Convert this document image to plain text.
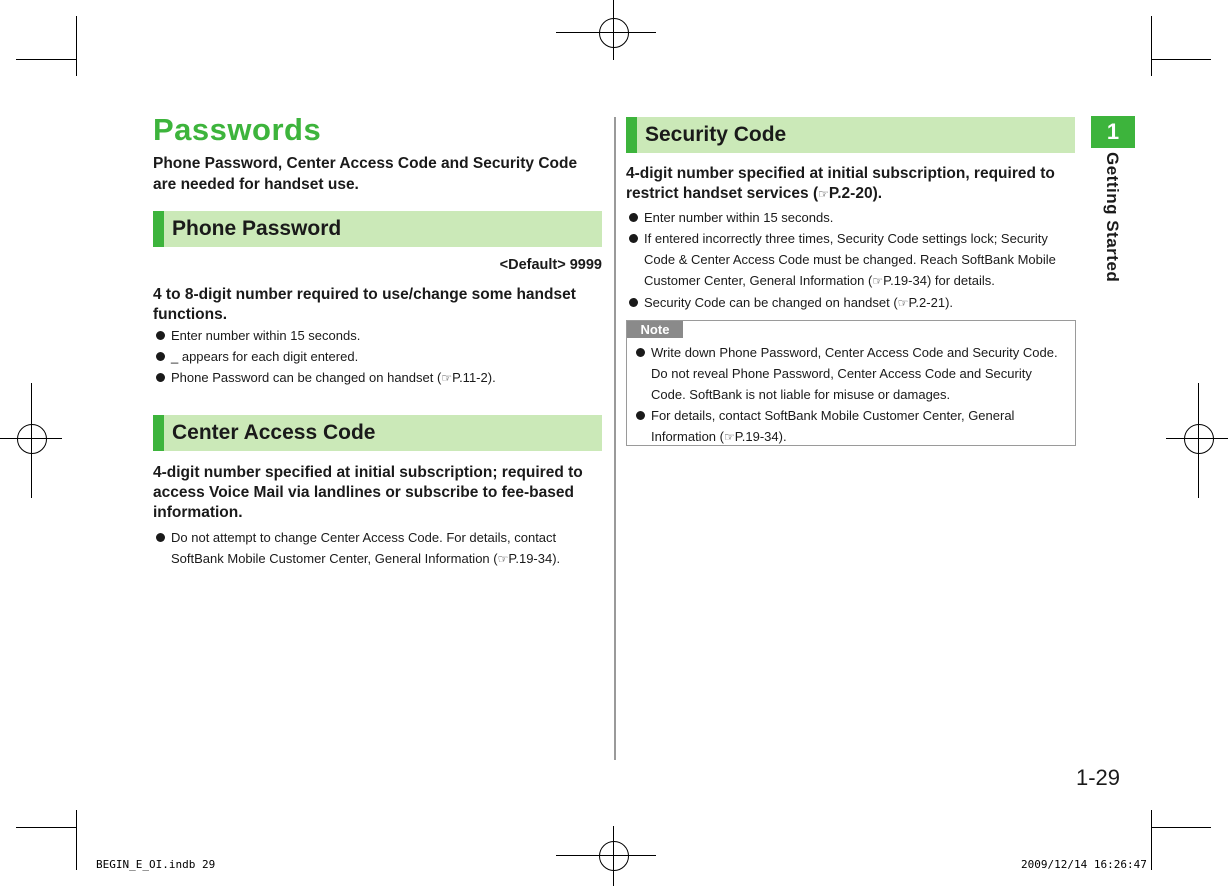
Passwords

Phone Password, Center Access Code and Security Code are needed for handset use.

Phone Password
<Default> 9999

4 to 8-digit number required to use/change some handset functions.

Enter number within 15 seconds.
_ appears for each digit entered.
Phone Password can be changed on handset (☞P.11-2).
Center Access Code

4-digit number specified at initial subscription; required to access Voice Mail via landlines or subscribe to fee-based information.

Do not attempt to change Center Access Code. For details, contact SoftBank Mobile Customer Center, General Information (☞P.19-34).
Security Code

4-digit number specified at initial subscription, required to restrict handset services (☞P.2-20).

Enter number within 15 seconds.
If entered incorrectly three times, Security Code settings lock; Security Code & Center Access Code must be changed. Reach SoftBank Mobile Customer Center, General Information (☞P.19-34) for details.
Security Code can be changed on handset (☞P.2-21).
Note
Write down Phone Password, Center Access Code and Security Code. Do not reveal Phone Password, Center Access Code and Security Code. SoftBank is not liable for misuse or damages.
For details, contact SoftBank Mobile Customer Center, General Information (☞P.19-34).
1
Getting Started
1-29
BEGIN_E_OI.indb 29	2009/12/14 16:26:47
